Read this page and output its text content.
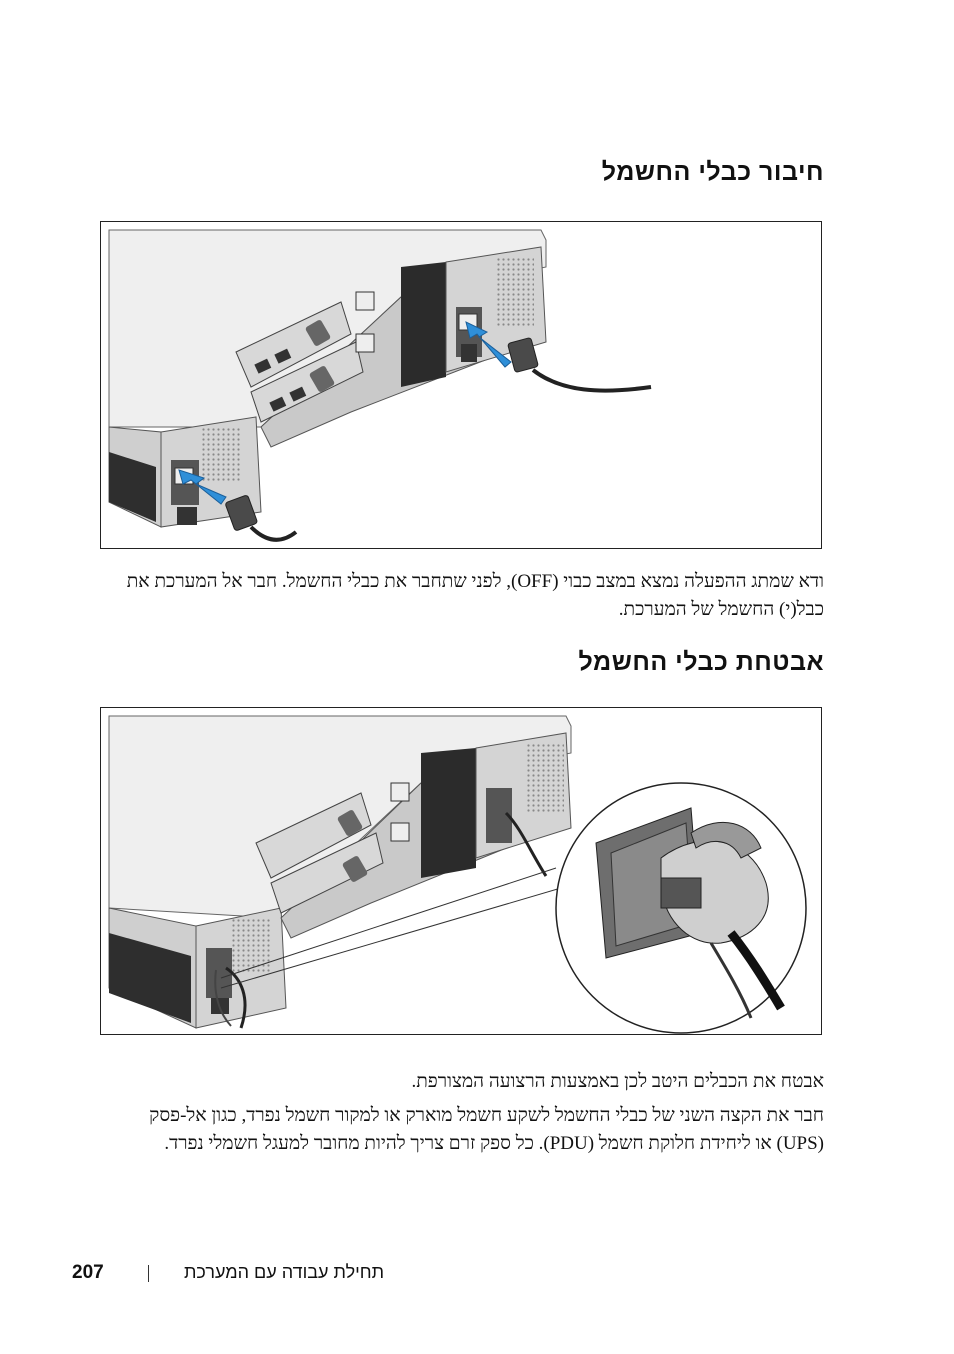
חיבור כבלי החשמל
ודא שמתג ההפעלה נמצא במצב כבוי (OFF), לפני שתחבר את כבלי החשמל. חבר אל המערכת את כבל(י) החשמל של המערכת.
אבטחת כבלי החשמל
אבטח את הכבלים היטב לכן באמצעות הרצועה המצורפת.
חבר את הקצה השני של כבלי החשמל לשקע חשמל מוארק או למקור חשמל נפרד, כגון אל-פסק (UPS) או ליחידת חלוקת חשמל (PDU). כל ספק זרם צריך להיות מחובר למעגל חשמלי נפרד.
207	תחילת עבודה עם המערכת
